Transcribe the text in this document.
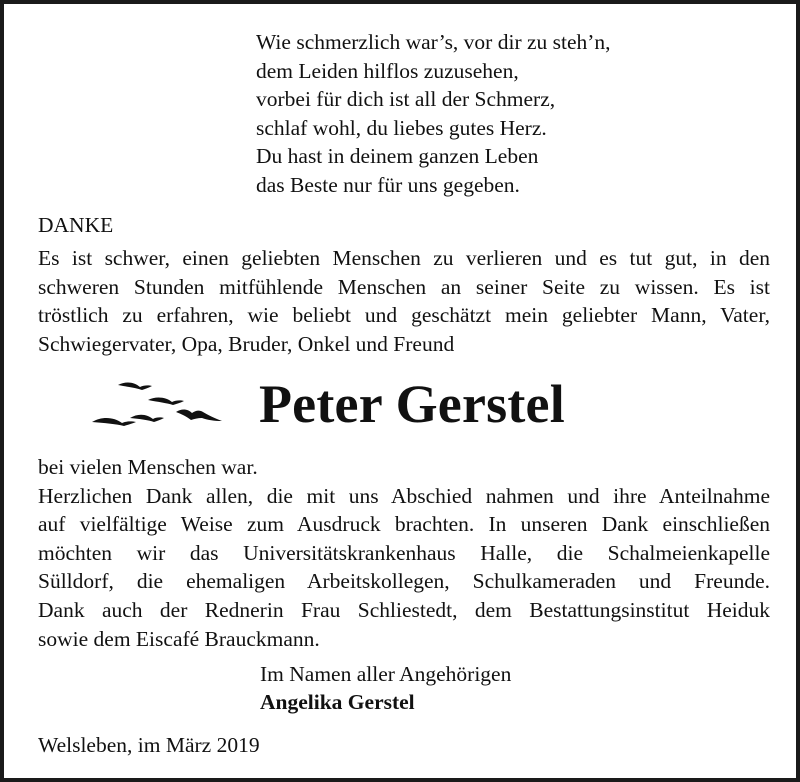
Wie schmerzlich war’s, vor dir zu steh’n,
dem Leiden hilflos zuzusehen,
vorbei für dich ist all der Schmerz,
schlaf wohl, du liebes gutes Herz.
Du hast in deinem ganzen Leben
das Beste nur für uns gegeben.
DANKE
Es ist schwer, einen geliebten Menschen zu verlieren und es tut gut, in den
schweren Stunden mitfühlende Menschen an seiner Seite zu wissen. Es ist
tröstlich zu erfahren, wie beliebt und geschätzt mein geliebter Mann, Vater,
Schwiegervater, Opa, Bruder, Onkel und Freund
Peter Gerstel
bei vielen Menschen war.
Herzlichen Dank allen, die mit uns Abschied nahmen und ihre Anteilnahme
auf vielfältige Weise zum Ausdruck brachten. In unseren Dank einschließen
möchten wir das Universitätskrankenhaus Halle, die Schalmeienkapelle
Sülldorf, die ehemaligen Arbeitskollegen, Schulkameraden und Freunde.
Dank auch der Rednerin Frau Schliestedt, dem Bestattungsinstitut Heiduk
sowie dem Eiscafé Brauckmann.
Im Namen aller Angehörigen
Angelika Gerstel
Welsleben, im März 2019
